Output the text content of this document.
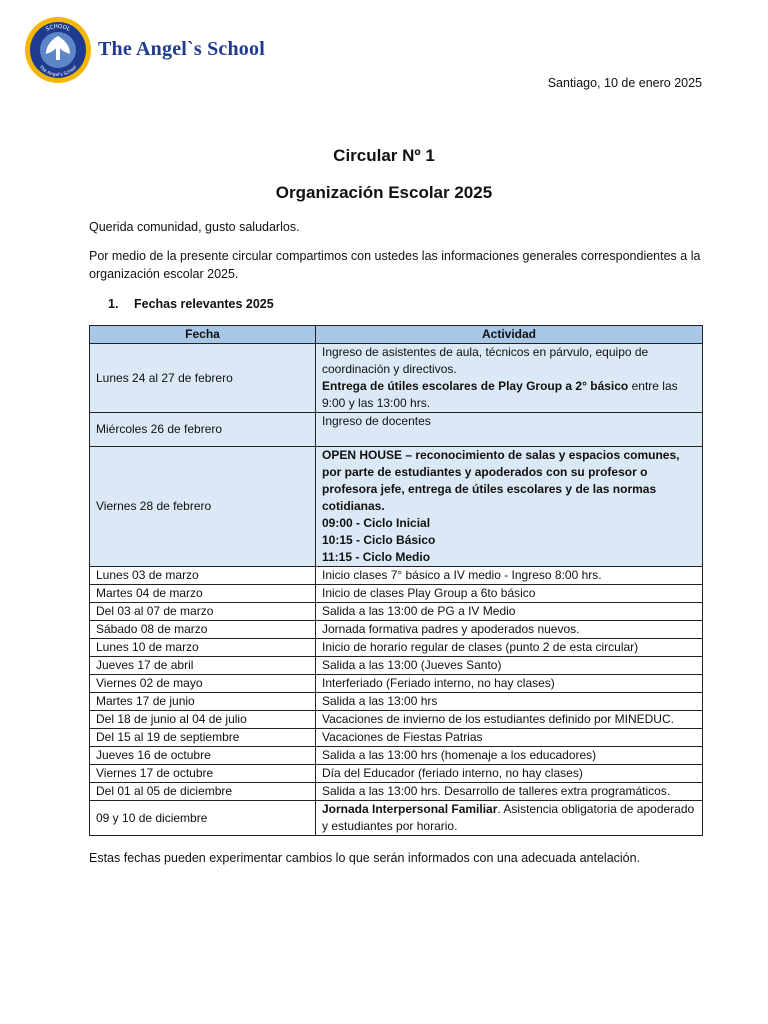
SCHOOL
The Angel's School
The Angel`s School
Santiago, 10 de enero 2025
Circular Nº 1
Organización Escolar 2025
Querida comunidad, gusto saludarlos.
Por medio de la presente circular compartimos con ustedes las informaciones generales correspondientes a la organización escolar 2025.
1. Fechas relevantes 2025
Fecha	Actividad
Lunes 24 al 27 de febrero	Ingreso de asistentes de aula, técnicos en párvulo, equipo de coordinación y directivos.
Entrega de útiles escolares de Play Group a 2° básico entre las 9:00 y las 13:00 hrs.
Miércoles 26 de febrero	Ingreso de docentes
Viernes 28 de febrero	OPEN HOUSE – reconocimiento de salas y espacios comunes, por parte de estudiantes y apoderados con su profesor o profesora jefe, entrega de útiles escolares y de las normas cotidianas.
09:00 - Ciclo Inicial
10:15 - Ciclo Básico
11:15 - Ciclo Medio
Lunes 03 de marzo	Inicio clases 7° básico a IV medio - Ingreso 8:00 hrs.
Martes 04 de marzo	Inicio de clases Play Group a 6to básico
Del 03 al 07 de marzo	Salida a las 13:00 de PG a IV Medio
Sábado 08 de marzo	Jornada formativa padres y apoderados nuevos.
Lunes 10 de marzo	Inicio de horario regular de clases (punto 2 de esta circular)
Jueves 17 de abril	Salida a las 13:00 (Jueves Santo)
Viernes 02 de mayo	Interferiado (Feriado interno, no hay clases)
Martes 17 de junio	Salida a las 13:00 hrs
Del 18 de junio al 04 de julio	Vacaciones de invierno de los estudiantes definido por MINEDUC.
Del 15 al 19 de septiembre	Vacaciones de Fiestas Patrias
Jueves 16 de octubre	Salida a las 13:00 hrs (homenaje a los educadores)
Viernes 17 de octubre	Día del Educador (feriado interno, no hay clases)
Del 01 al 05 de diciembre	Salida a las 13:00 hrs. Desarrollo de talleres extra programáticos.
09 y 10 de diciembre	Jornada Interpersonal Familiar. Asistencia obligatoria de apoderado y estudiantes por horario.
Estas fechas pueden experimentar cambios lo que serán informados con una adecuada antelación.
